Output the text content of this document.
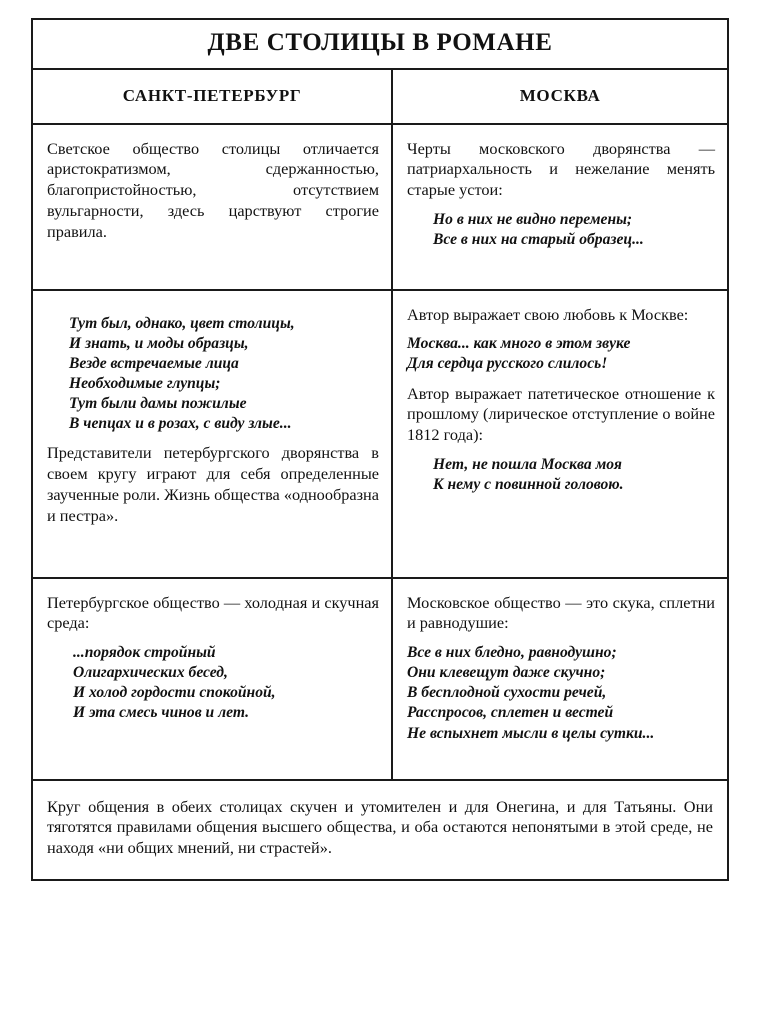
ДВЕ СТОЛИЦЫ В РОМАНЕ

САНКТ-ПЕТЕРБУРГ	МОСКВА

Светское общество столицы отличается аристократизмом, сдержанностью, благопристойностью, отсутствием вульгарности, здесь царствуют строгие правила.

Черты московского дворянства — патриархальность и нежелание менять старые устои:

Но в них не видно перемены;
Все в них на старый образец...
Тут был, однако, цвет столицы,
И знать, и моды образцы,
Везде встречаемые лица
Необходимые глупцы;
Тут были дамы пожилые
В чепцах и в розах, с виду злые...

Представители петербургского дворянства в своем кругу играют для себя определенные заученные роли. Жизнь общества «однообразна и пестра».

Автор выражает свою любовь к Москве:

Москва... как много в этом звуке
Для сердца русского слилось!

Автор выражает патетическое отношение к прошлому (лирическое отступление о войне 1812 года):

Нет, не пошла Москва моя
К нему с повинной головою.

Петербургское общество — холодная и скучная среда:

...порядок стройный
Олигархических бесед,
И холод гордости спокойной,
И эта смесь чинов и лет.

Московское общество — это скука, сплетни и равнодушие:

Все в них бледно, равнодушно;
Они клевещут даже скучно;
В бесплодной сухости речей,
Расспросов, сплетен и вестей
Не вспыхнет мысли в целы сутки...

Круг общения в обеих столицах скучен и утомителен и для Онегина, и для Татьяны. Они тяготятся правилами общения высшего общества, и оба остаются непонятыми в этой среде, не находя «ни общих мнений, ни страстей».
